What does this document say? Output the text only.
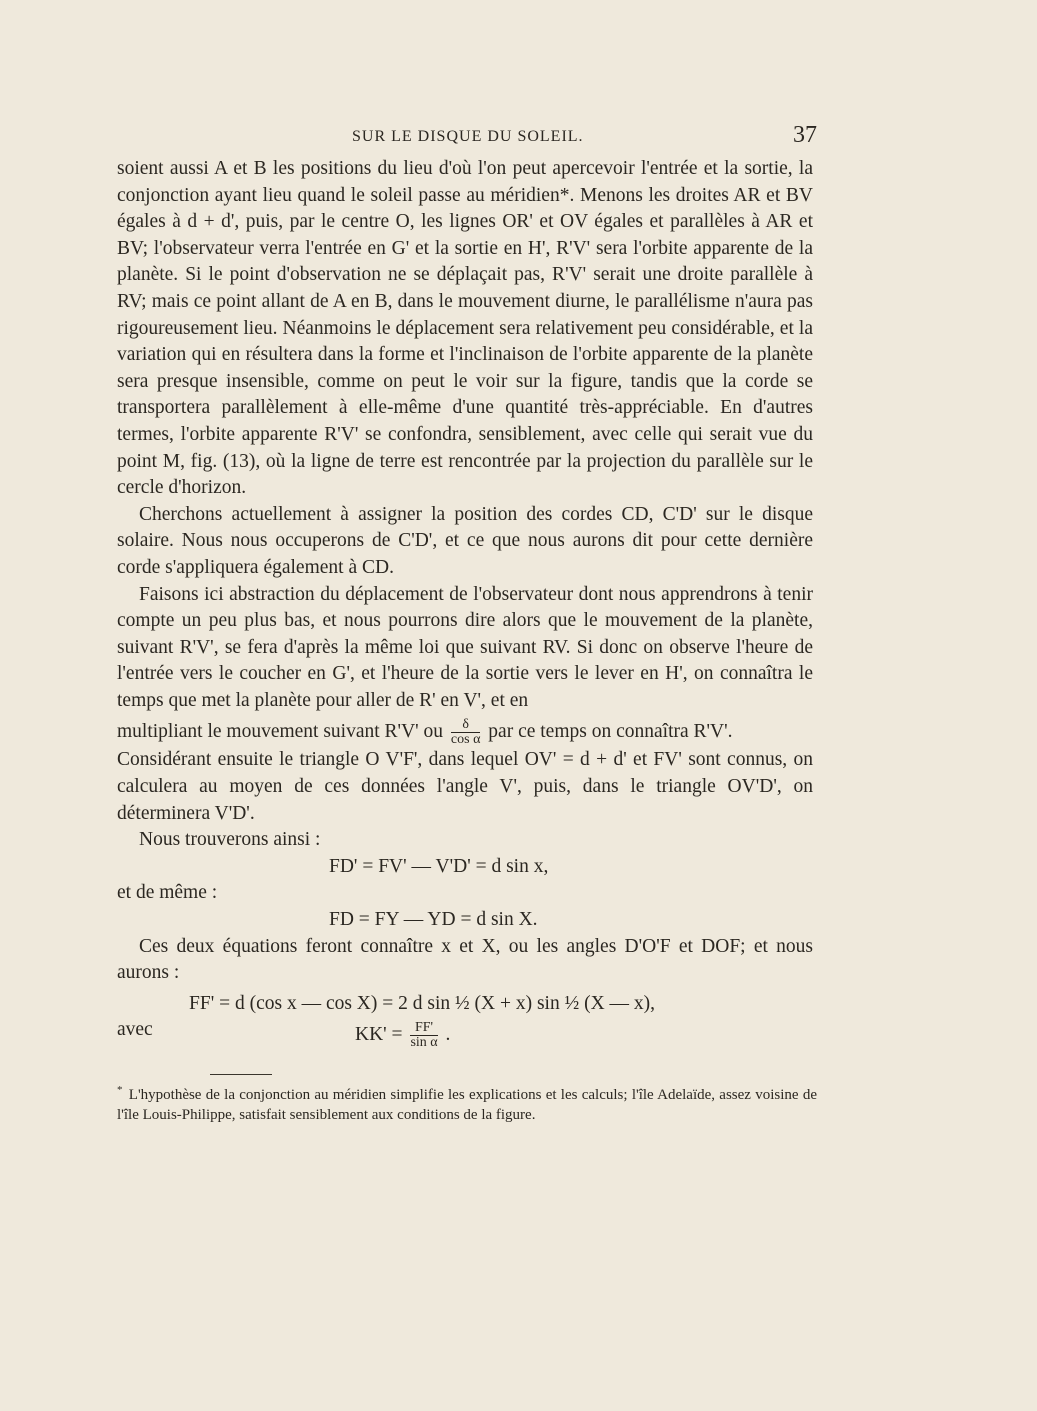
SUR LE DISQUE DU SOLEIL.	37

soient aussi A et B les positions du lieu d'où l'on peut apercevoir l'entrée et la sortie, la conjonction ayant lieu quand le soleil passe au méridien*. Menons les droites AR et BV égales à d + d', puis, par le centre O, les lignes OR' et OV égales et parallèles à AR et BV; l'observateur verra l'entrée en G' et la sortie en H', R'V' sera l'orbite apparente de la planète. Si le point d'observation ne se déplaçait pas, R'V' serait une droite parallèle à RV; mais ce point allant de A en B, dans le mouvement diurne, le parallélisme n'aura pas rigoureusement lieu. Néanmoins le déplacement sera relativement peu considérable, et la variation qui en résultera dans la forme et l'inclinaison de l'orbite apparente de la planète sera presque insensible, comme on peut le voir sur la figure, tandis que la corde se transportera parallèlement à elle-même d'une quantité très-appréciable. En d'autres termes, l'orbite apparente R'V' se confondra, sensiblement, avec celle qui serait vue du point M, fig. (13), où la ligne de terre est rencontrée par la projection du parallèle sur le cercle d'horizon.

Cherchons actuellement à assigner la position des cordes CD, C'D' sur le disque solaire. Nous nous occuperons de C'D', et ce que nous aurons dit pour cette dernière corde s'appliquera également à CD.

Faisons ici abstraction du déplacement de l'observateur dont nous apprendrons à tenir compte un peu plus bas, et nous pourrons dire alors que le mouvement de la planète, suivant R'V', se fera d'après la même loi que suivant RV. Si donc on observe l'heure de l'entrée vers le coucher en G', et l'heure de la sortie vers le lever en H', on connaîtra le temps que met la planète pour aller de R' en V', et en

multipliant le mouvement suivant R'V' ou $\frac{\delta}{\text{cos α}}$ par ce temps on connaîtra R'V'.

Considérant ensuite le triangle O V'F', dans lequel OV' = d + d' et FV' sont connus, on calculera au moyen de ces données l'angle V', puis, dans le triangle OV'D', on déterminera V'D'.

Nous trouverons ainsi :

FD' = FV' — V'D' = d sin x,
et de même :
FD = FY — YD = d sin X.

Ces deux équations feront connaître x et X, ou les angles D'O'F et DOF; et nous aurons :

FF' = d (cos x — cos X) = 2 d sin ½ (X + x) sin ½ (X — x),
avec	$KK' = \frac{FF'}{\text{sin α}}$ .
* L'hypothèse de la conjonction au méridien simplifie les explications et les calculs; l'île Adelaïde, assez voisine de l'île Louis-Philippe, satisfait sensiblement aux conditions de la figure.
